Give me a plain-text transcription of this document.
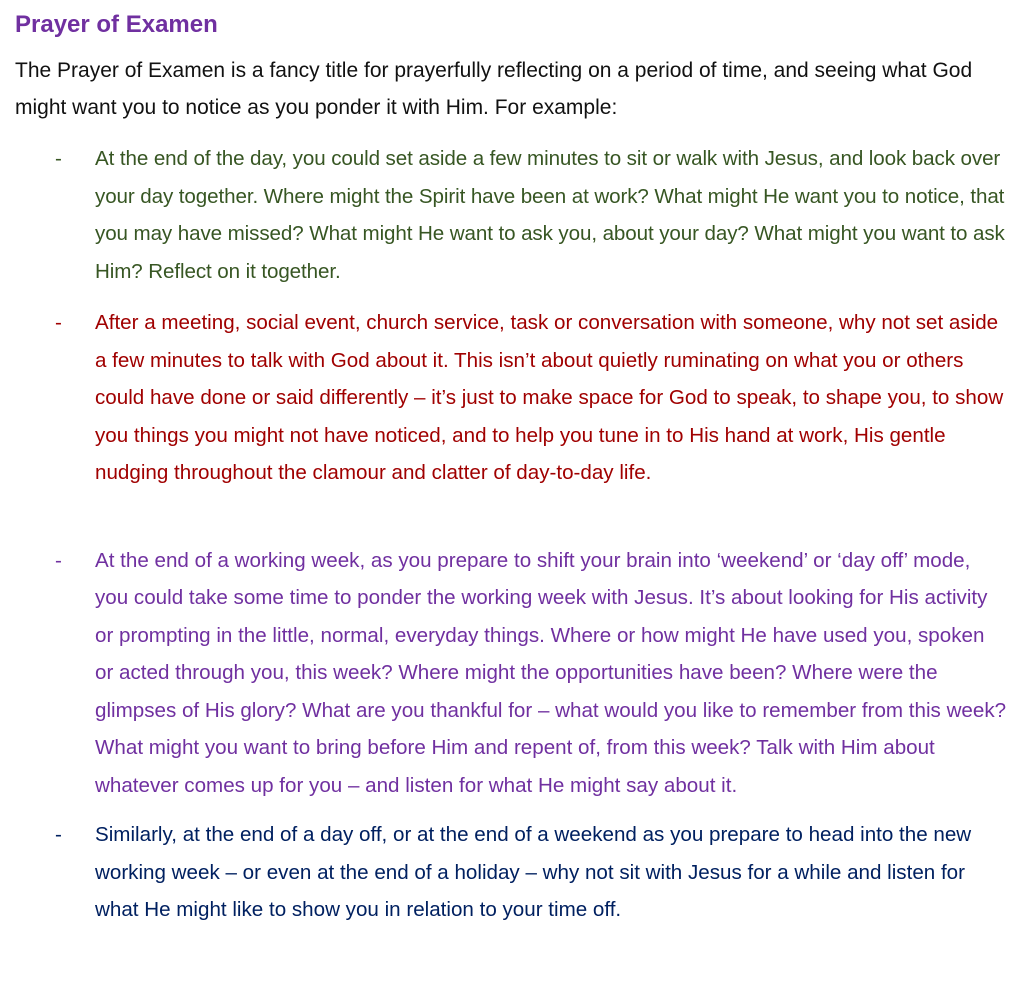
Prayer of Examen

The Prayer of Examen is a fancy title for prayerfully reflecting on a period of time, and seeing what God might want you to notice as you ponder it with Him. For example:

- At the end of the day, you could set aside a few minutes to sit or walk with Jesus, and look back over your day together. Where might the Spirit have been at work? What might He want you to notice, that you may have missed? What might He want to ask you, about your day? What might you want to ask Him? Reflect on it together.
- After a meeting, social event, church service, task or conversation with someone, why not set aside a few minutes to talk with God about it. This isn’t about quietly ruminating on what you or others could have done or said differently – it’s just to make space for God to speak, to shape you, to show you things you might not have noticed, and to help you tune in to His hand at work, His gentle nudging throughout the clamour and clatter of day-to-day life.
- At the end of a working week, as you prepare to shift your brain into ‘weekend’ or ‘day off’ mode, you could take some time to ponder the working week with Jesus. It’s about looking for His activity or prompting in the little, normal, everyday things. Where or how might He have used you, spoken or acted through you, this week? Where might the opportunities have been? Where were the glimpses of His glory? What are you thankful for – what would you like to remember from this week? What might you want to bring before Him and repent of, from this week? Talk with Him about whatever comes up for you – and listen for what He might say about it.
- Similarly, at the end of a day off, or at the end of a weekend as you prepare to head into the new working week – or even at the end of a holiday – why not sit with Jesus for a while and listen for what He might like to show you in relation to your time off.
